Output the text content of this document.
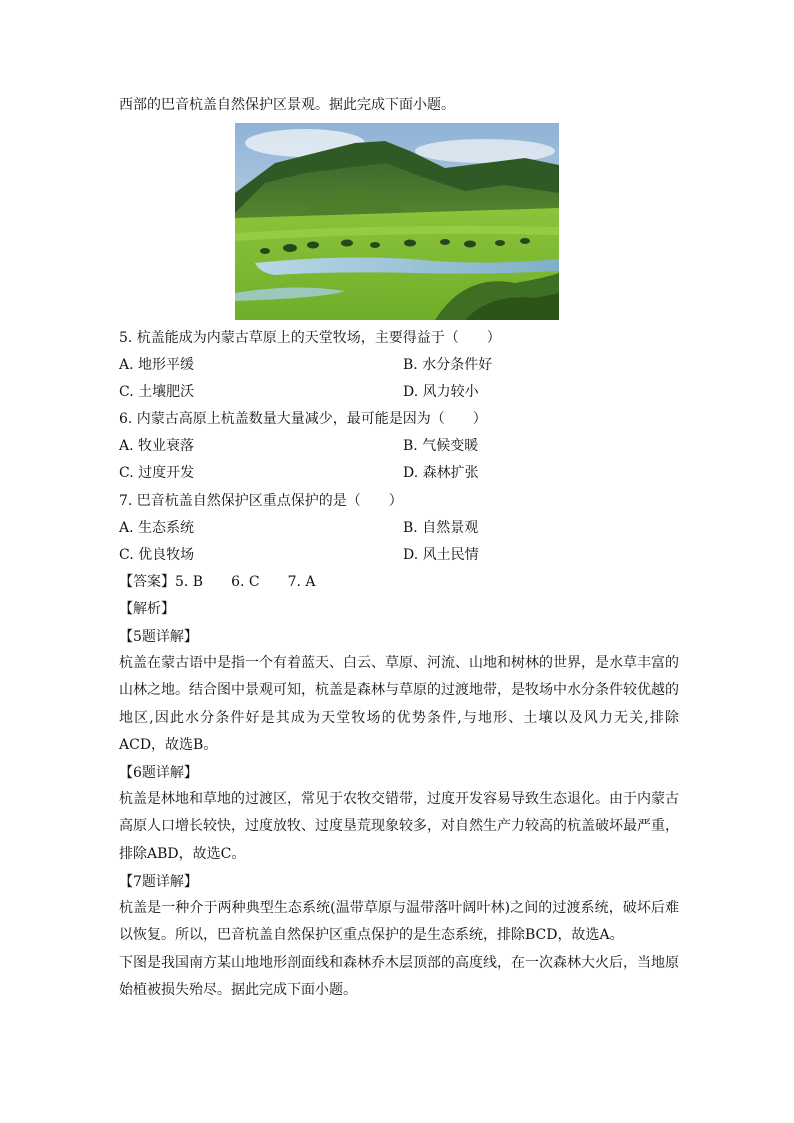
西部的巴音杭盖自然保护区景观。据此完成下面小题。
5. 杭盖能成为内蒙古草原上的天堂牧场，主要得益于（　　）
A. 地形平缓	B. 水分条件好
C. 土壤肥沃	D. 风力较小
6. 内蒙古高原上杭盖数量大量减少，最可能是因为（　　）
A. 牧业衰落	B. 气候变暖
C. 过度开发	D. 森林扩张
7. 巴音杭盖自然保护区重点保护的是（　　）
A. 生态系统	B. 自然景观
C. 优良牧场	D. 风土民情
【答案】5. B　　6. C　　7. A
【解析】
【5题详解】
杭盖在蒙古语中是指一个有着蓝天、白云、草原、河流、山地和树林的世界，是水草丰富的山林之地。结合图中景观可知，杭盖是森林与草原的过渡地带，是牧场中水分条件较优越的地区,因此水分条件好是其成为天堂牧场的优势条件,与地形、土壤以及风力无关,排除ACD，故选B。
【6题详解】
杭盖是林地和草地的过渡区，常见于农牧交错带，过度开发容易导致生态退化。由于内蒙古高原人口增长较快，过度放牧、过度垦荒现象较多，对自然生产力较高的杭盖破坏最严重，排除ABD，故选C。
【7题详解】
杭盖是一种介于两种典型生态系统(温带草原与温带落叶阔叶林)之间的过渡系统，破坏后难以恢复。所以，巴音杭盖自然保护区重点保护的是生态系统，排除BCD，故选A。
下图是我国南方某山地地形剖面线和森林乔木层顶部的高度线，在一次森林大火后，当地原始植被损失殆尽。据此完成下面小题。
